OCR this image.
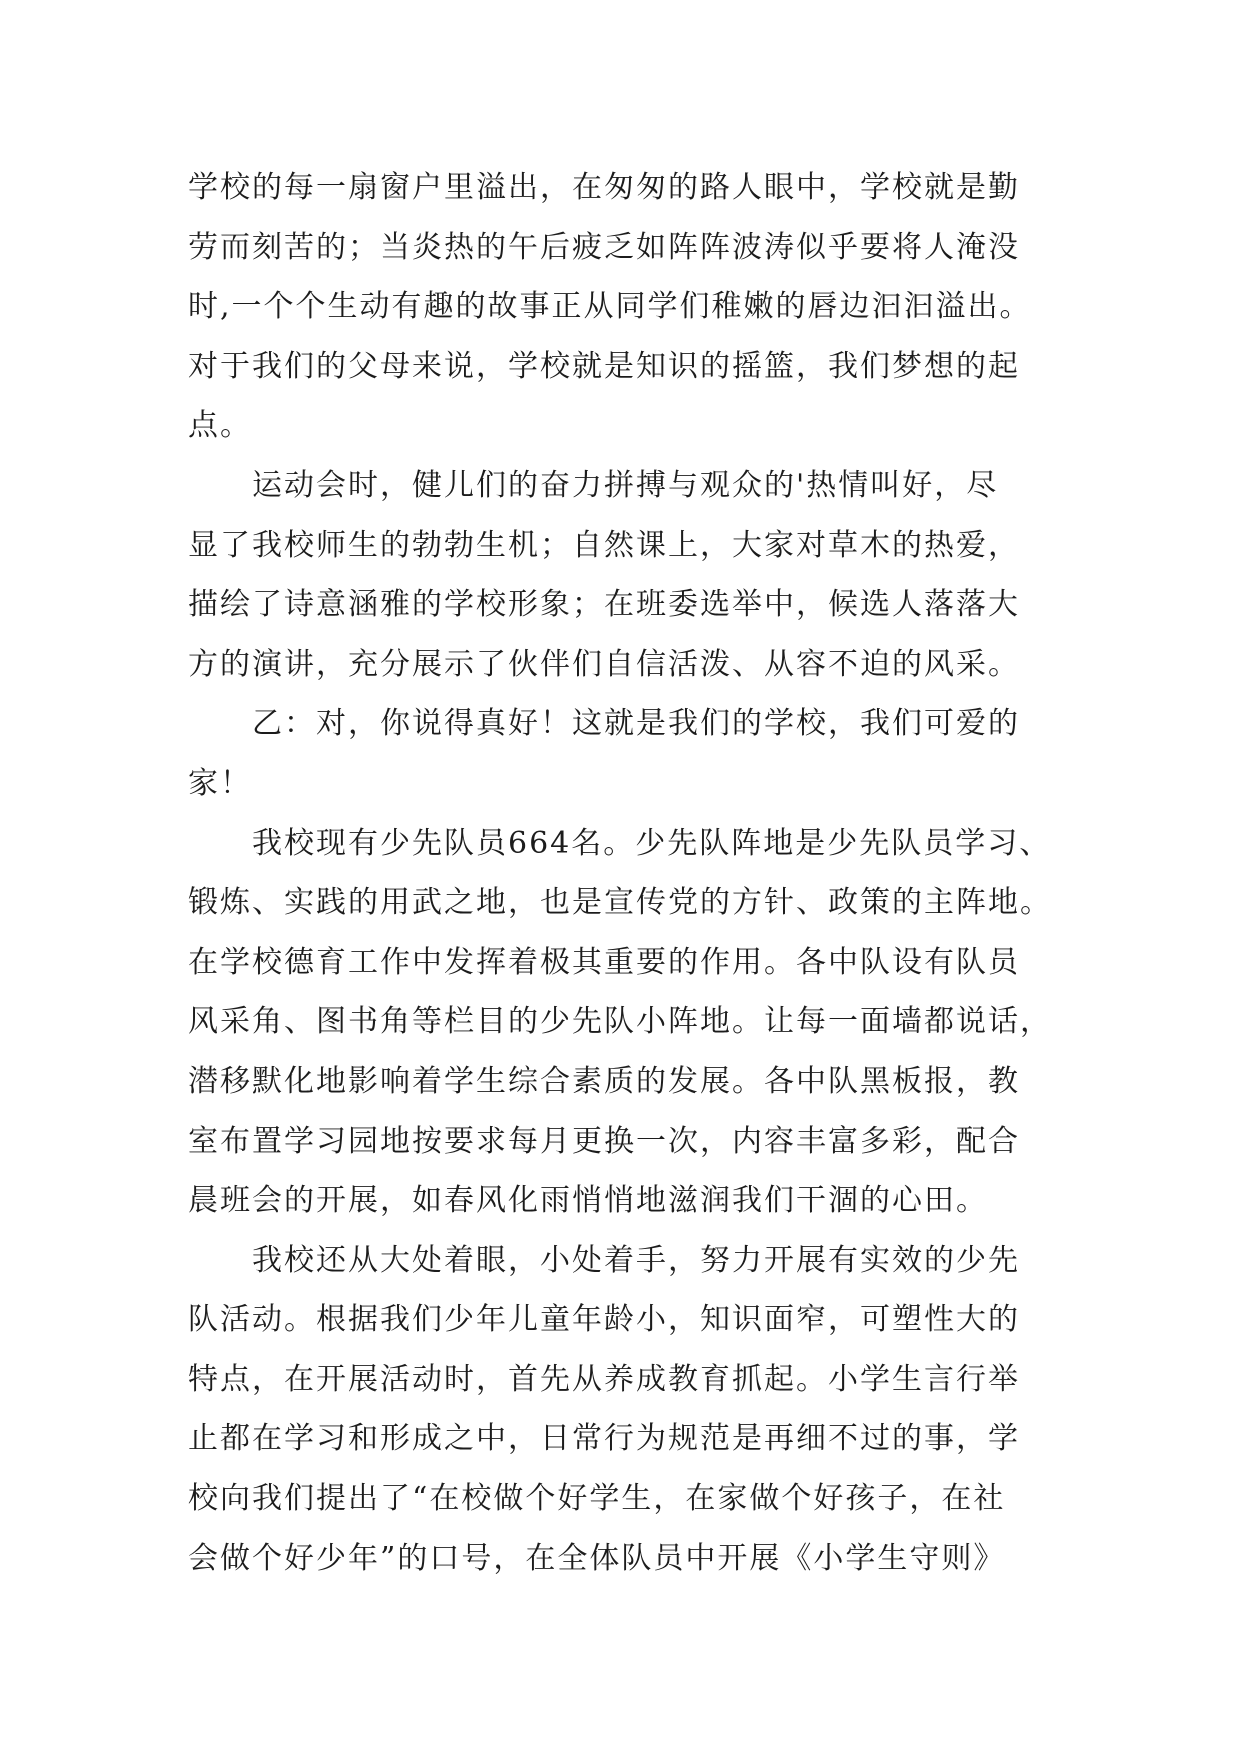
学校的每一扇窗户里溢出，在匆匆的路人眼中，学校就是勤
劳而刻苦的；当炎热的午后疲乏如阵阵波涛似乎要将人淹没
时,一个个生动有趣的故事正从同学们稚嫩的唇边汩汩溢出。
对于我们的父母来说，学校就是知识的摇篮，我们梦想的起
点。
　　运动会时，健儿们的奋力拼搏与观众的'热情叫好，尽
显了我校师生的勃勃生机；自然课上，大家对草木的热爱，
描绘了诗意涵雅的学校形象；在班委选举中，候选人落落大
方的演讲，充分展示了伙伴们自信活泼、从容不迫的风采。
　　乙：对，你说得真好！这就是我们的学校，我们可爱的
家！
　　我校现有少先队员664名。少先队阵地是少先队员学习、
锻炼、实践的用武之地，也是宣传党的方针、政策的主阵地。
在学校德育工作中发挥着极其重要的作用。各中队设有队员
风采角、图书角等栏目的少先队小阵地。让每一面墙都说话，
潜移默化地影响着学生综合素质的发展。各中队黑板报，教
室布置学习园地按要求每月更换一次，内容丰富多彩，配合
晨班会的开展，如春风化雨悄悄地滋润我们干涸的心田。
　　我校还从大处着眼，小处着手，努力开展有实效的少先
队活动。根据我们少年儿童年龄小，知识面窄，可塑性大的
特点，在开展活动时，首先从养成教育抓起。小学生言行举
止都在学习和形成之中，日常行为规范是再细不过的事，学
校向我们提出了“在校做个好学生，在家做个好孩子，在社
会做个好少年”的口号，在全体队员中开展《小学生守则》
